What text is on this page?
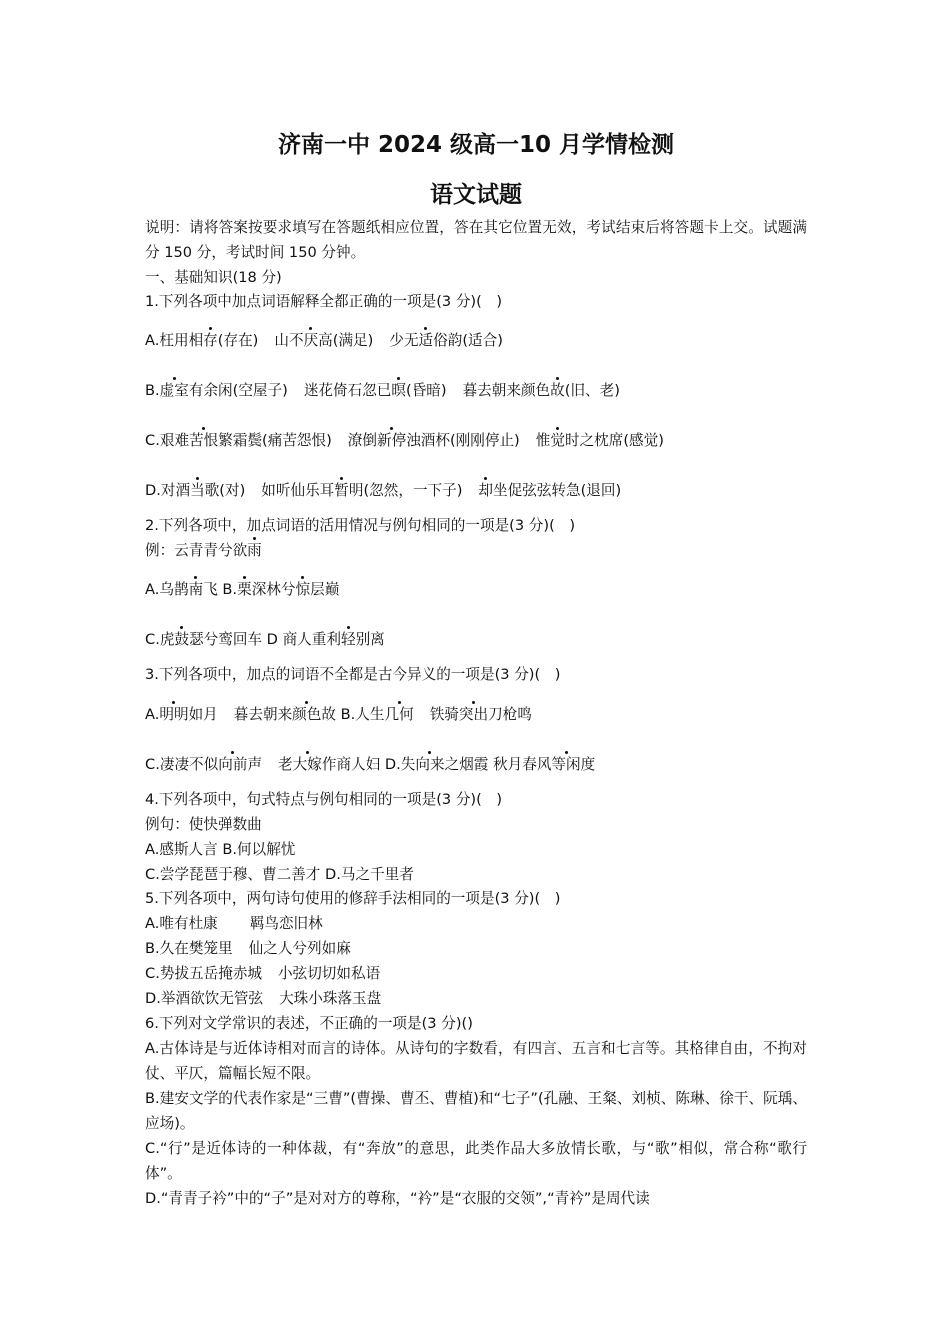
济南一中 2024 级高一10 月学情检测
语文试题
说明：请将答案按要求填写在答题纸相应位置，答在其它位置无效，考试结束后将答题卡上交。试题满分 150 分，考试时间 150 分钟。
一、基础知识(18 分)
1.下列各项中加点词语解释全都正确的一项是(3 分)(　)
A.枉用相存(存在) 山不厌高(满足) 少无适俗韵(适合)
B.虚室有余闲(空屋子) 迷花倚石忽已暝(昏暗) 暮去朝来颜色故(旧、老)
C.艰难苦恨繁霜鬓(痛苦怨恨) 潦倒新停浊酒杯(刚刚停止) 惟觉时之枕席(感觉)
D.对酒当歌(对) 如听仙乐耳暂明(忽然，一下子) 却坐促弦弦转急(退回)
2.下列各项中，加点词语的活用情况与例句相同的一项是(3 分)(　)
例：云青青兮欲雨
A.乌鹊南飞 B.栗深林兮惊层巅
C.虎鼓瑟兮鸾回车 D 商人重利轻别离
3.下列各项中，加点的词语不全都是古今异义的一项是(3 分)(　)
A.明明如月 暮去朝来颜色故 B.人生几何 铁骑突出刀枪鸣
C.凄凄不似向前声 老大嫁作商人妇 D.失向来之烟霞 秋月春风等闲度
4.下列各项中，句式特点与例句相同的一项是(3 分)(　)
例句：使快弹数曲
A.感斯人言 B.何以解忧
C.尝学琵琶于穆、曹二善才 D.马之千里者
5.下列各项中，两句诗句使用的修辞手法相同的一项是(3 分)(　)
A.唯有杜康 羁鸟恋旧林
B.久在樊笼里 仙之人兮列如麻
C.势拔五岳掩赤城 小弦切切如私语
D.举酒欲饮无管弦 大珠小珠落玉盘
6.下列对文学常识的表述，不正确的一项是(3 分)()
A.古体诗是与近体诗相对而言的诗体。从诗句的字数看，有四言、五言和七言等。其格律自由，不拘对仗、平仄，篇幅长短不限。
B.建安文学的代表作家是“三曹”(曹操、曹丕、曹植)和“七子”(孔融、王粲、刘桢、陈琳、徐干、阮瑀、应场)。
C.“行”是近体诗的一种体裁，有“奔放”的意思，此类作品大多放情长歌，与“歌”相似，常合称“歌行体”。
D.“青青子衿”中的“子”是对对方的尊称，“衿”是“衣服的交领”,“青衿”是周代读
